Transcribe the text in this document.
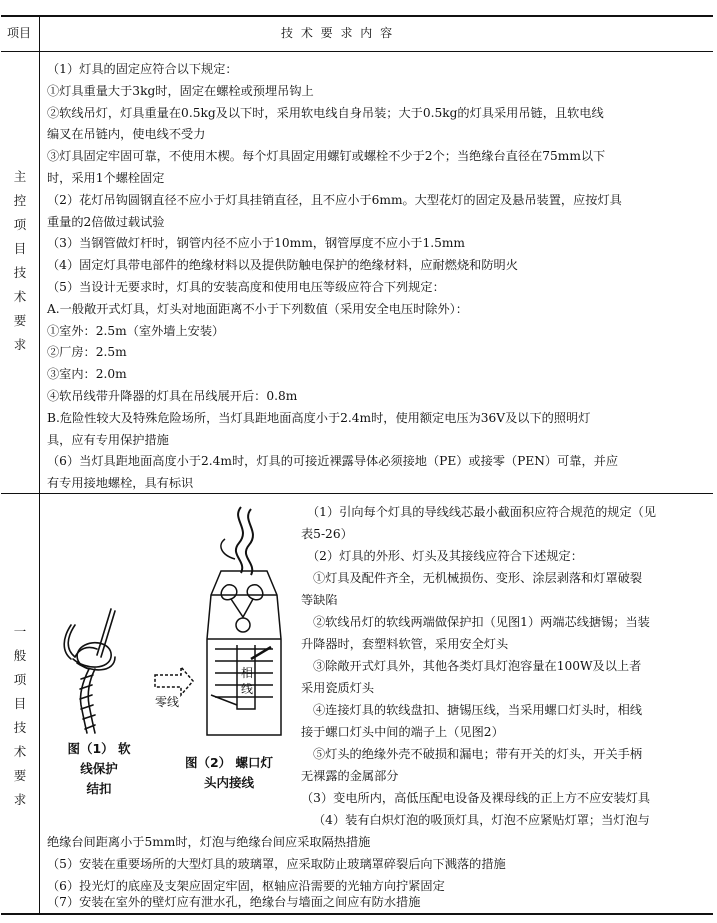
项目	技 术 要 求 内 容
主
控
项
目
技
术
要
求
（1）灯具的固定应符合以下规定：
①灯具重量大于3kg时，固定在螺栓或预埋吊钩上
②软线吊灯，灯具重量在0.5kg及以下时，采用软电线自身吊装；大于0.5kg的灯具采用吊链，且软电线
编叉在吊链内，使电线不受力
③灯具固定牢固可靠，不使用木楔。每个灯具固定用螺钉或螺栓不少于2个；当绝缘台直径在75mm以下
时，采用1个螺栓固定
（2）花灯吊钩圆钢直径不应小于灯具挂销直径，且不应小于6mm。大型花灯的固定及悬吊装置，应按灯具
重量的2倍做过载试验
（3）当钢管做灯杆时，钢管内径不应小于10mm，钢管厚度不应小于1.5mm
（4）固定灯具带电部件的绝缘材料以及提供防触电保护的绝缘材料，应耐燃烧和防明火
（5）当设计无要求时，灯具的安装高度和使用电压等级应符合下列规定：
A.一般敞开式灯具，灯头对地面距离不小于下列数值（采用安全电压时除外）：
①室外：2.5m（室外墙上安装）
②厂房：2.5m
③室内：2.0m
④软吊线带升降器的灯具在吊线展开后：0.8m
B.危险性较大及特殊危险场所，当灯具距地面高度小于2.4m时，使用额定电压为36V及以下的照明灯
具，应有专用保护措施
（6）当灯具距地面高度小于2.4m时，灯具的可接近裸露导体必须接地（PE）或接零（PEN）可靠，并应
有专用接地螺栓，具有标识
一
般
项
目
技
术
要
求
图（1） 软
线保护
结扣
零线
相
线
图（2） 螺口灯
头内接线
（1）引向每个灯具的导线线芯最小截面积应符合规范的规定（见
表5-26）
（2）灯具的外形、灯头及其接线应符合下述规定：
①灯具及配件齐全，无机械损伤、变形、涂层剥落和灯罩破裂
等缺陷
②软线吊灯的软线两端做保护扣（见图1）两端芯线搪锡；当装
升降器时，套塑料软管，采用安全灯头
③除敞开式灯具外，其他各类灯具灯泡容量在100W及以上者
采用瓷质灯头
④连接灯具的软线盘扣、搪锡压线，当采用螺口灯头时，相线
接于螺口灯头中间的端子上（见图2）
⑤灯头的绝缘外壳不破损和漏电；带有开关的灯头，开关手柄
无裸露的金属部分
（3）变电所内，高低压配电设备及裸母线的正上方不应安装灯具
（4）装有白炽灯泡的吸顶灯具，灯泡不应紧贴灯罩；当灯泡与
绝缘台间距离小于5mm时，灯泡与绝缘台间应采取隔热措施
（5）安装在重要场所的大型灯具的玻璃罩，应采取防止玻璃罩碎裂后向下溅落的措施
（6）投光灯的底座及支架应固定牢固，枢轴应沿需要的光轴方向拧紧固定
（7）安装在室外的壁灯应有泄水孔，绝缘台与墙面之间应有防水措施
